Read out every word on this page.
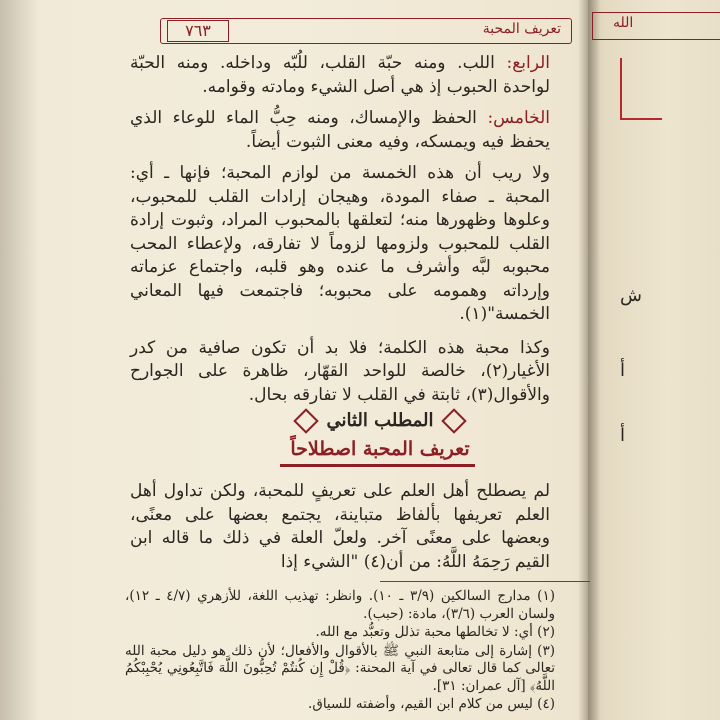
الله
ش
أ
أ
٧٦٣	تعريف المحبة

الرابع: اللب. ومنه حبّة القلب، للُبّه وداخله. ومنه الحبّة لواحدة الحبوب إذ هي أصل الشيء ومادته وقوامه.

الخامس: الحفظ والإمساك، ومنه حِبُّ الماء للوعاء الذي يحفظ فيه ويمسكه، وفيه معنى الثبوت أيضاً.

ولا ريب أن هذه الخمسة من لوازم المحبة؛ فإنها ـ أي: المحبة ـ صفاء المودة، وهيجان إرادات القلب للمحبوب، وعلوها وظهورها منه؛ لتعلقها بالمحبوب المراد، وثبوت إرادة القلب للمحبوب ولزومها لزوماً لا تفارقه، ولإعطاء المحب محبوبه لبَّه وأشرف ما عنده وهو قلبه، واجتماع عزماته وإرداته وهمومه على محبوبه؛ فاجتمعت فيها المعاني الخمسة"(١).

وكذا محبة هذه الكلمة؛ فلا بد أن تكون صافية من كدر الأغيار(٢)، خالصة للواحد القهّار، ظاهرة على الجوارح والأقوال(٣)، ثابتة في القلب لا تفارقه بحال.

المطلب الثاني
تعريف المحبة اصطلاحاً

لم يصطلح أهل العلم على تعريفٍ للمحبة، ولكن تداول أهل العلم تعريفها بألفاظ متباينة، يجتمع بعضها على معنًى، وبعضها على معنًى آخر. ولعلّ العلة في ذلك ما قاله ابن القيم رَحِمَهُ اللَّهُ: من أن(٤) "الشيء إذا

(١) مدارج السالكين (٣/٩ ـ ١٠). وانظر: تهذيب اللغة، للأزهري (٤/٧ ـ ١٢)، ولسان العرب (٣/٦)، مادة: (حبب).

(٢) أي: لا تخالطها محبة تذلل وتعبُّد مع الله.

(٣) إشارة إلى متابعة النبي ﷺ بالأقوال والأفعال؛ لأن ذلك هو دليل محبة الله تعالى كما قال تعالى في آية المحنة: ﴿قُلْ إِن كُنتُمْ تُحِبُّونَ اللَّهَ فَاتَّبِعُونِي يُحْبِبْكُمُ اللَّهُ﴾ [آل عمران: ٣١].

(٤) ليس من كلام ابن القيم، وأضفته للسياق.
